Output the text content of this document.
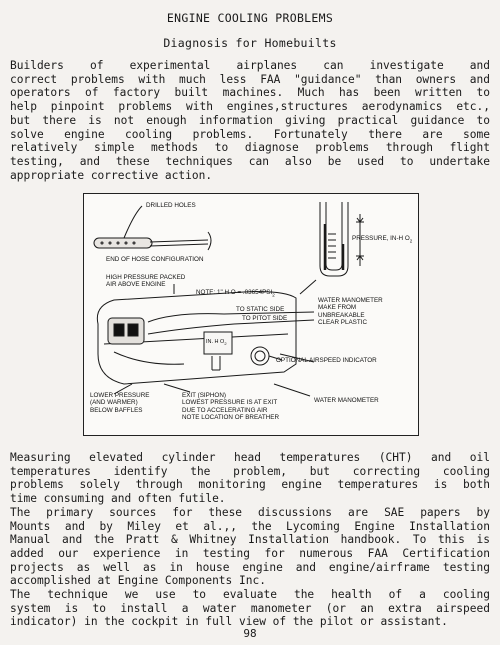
ENGINE COOLING PROBLEMS
Diagnosis for Homebuilts
Builders of experimental airplanes can investigate and
correct problems with much less FAA "guidance" than owners and
operators of factory built machines. Much has been written to
help pinpoint problems with engines,structures aerodynamics etc.,
but there is not enough information giving practical guidance to
solve engine cooling problems. Fortunately there are some
relatively simple methods to diagnose problems through flight
testing, and these techniques can also be used to undertake
appropriate corrective action.
DRILLED HOLES
END OF HOSE CONFIGURATION
PRESSURE, IN-H $O_2$
HIGH PRESSURE PACKED
AIR ABOVE ENGINE
NOTE: 1" H $O = .03654PSI_2$
WATER MANOMETER
MAKE FROM
UNBREAKABLE
CLEAR PLASTIC
TO STATIC SIDE
TO PITOT SIDE
IN. H $O_2$
OPTIONAL AIRSPEED INDICATOR
LOWER PRESSURE
(AND WARMER)
BELOW BAFFLES
EXIT (SIPHON)
LOWEST PRESSURE IS AT EXIT
DUE TO ACCELERATING AIR
NOTE LOCATION OF BREATHER
WATER MANOMETER
Measuring elevated cylinder head temperatures (CHT) and oil
temperatures identify the problem, but correcting cooling
problems solely through monitoring engine temperatures is both
time consuming and often futile.
The primary sources for these discussions are SAE papers by
Mounts and by Miley et al.,, the Lycoming Engine Installation
Manual and the Pratt & Whitney Installation handbook. To this is
added our experience in testing for numerous FAA Certification
projects as well as in house engine and engine/airframe testing
accomplished at Engine Components Inc.
The technique we use to evaluate the health of a cooling
system is to install a water manometer (or an extra airspeed
indicator) in the cockpit in full view of the pilot or assistant.
98
